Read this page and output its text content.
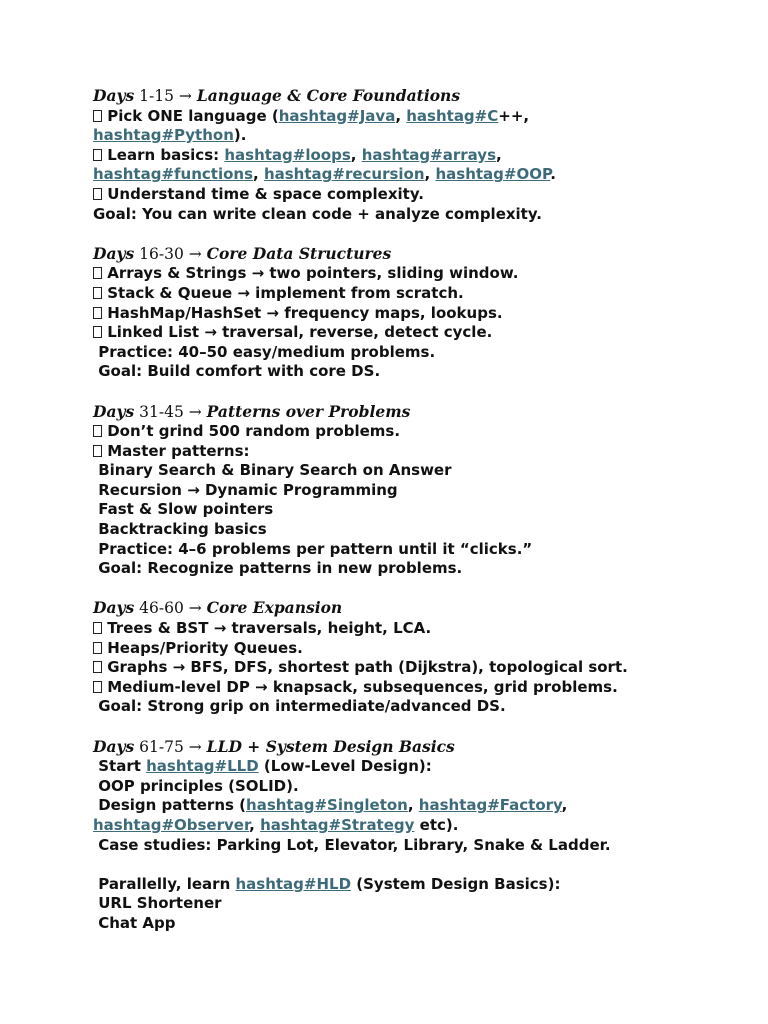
Days 1-15 → Language & Core Foundations
Pick ONE language (hashtag#Java, hashtag#C++,
hashtag#Python).
Learn basics: hashtag#loops, hashtag#arrays,
hashtag#functions, hashtag#recursion, hashtag#OOP.
Understand time & space complexity.
Goal: You can write clean code + analyze complexity.
Days 16-30 → Core Data Structures
Arrays & Strings → two pointers, sliding window.
Stack & Queue → implement from scratch.
HashMap/HashSet → frequency maps, lookups.
Linked List → traversal, reverse, detect cycle.
Practice: 40–50 easy/medium problems.
Goal: Build comfort with core DS.
Days 31-45 → Patterns over Problems
Don’t grind 500 random problems.
Master patterns:
Binary Search & Binary Search on Answer
Recursion → Dynamic Programming
Fast & Slow pointers
Backtracking basics
Practice: 4–6 problems per pattern until it “clicks.”
Goal: Recognize patterns in new problems.
Days 46-60 → Core Expansion
Trees & BST → traversals, height, LCA.
Heaps/Priority Queues.
Graphs → BFS, DFS, shortest path (Dijkstra), topological sort.
Medium-level DP → knapsack, subsequences, grid problems.
Goal: Strong grip on intermediate/advanced DS.
Days 61-75 → LLD + System Design Basics
Start hashtag#LLD (Low-Level Design):
OOP principles (SOLID).
Design patterns (hashtag#Singleton, hashtag#Factory,
hashtag#Observer, hashtag#Strategy etc).
Case studies: Parking Lot, Elevator, Library, Snake & Ladder.
Parallelly, learn hashtag#HLD (System Design Basics):
URL Shortener
Chat App
